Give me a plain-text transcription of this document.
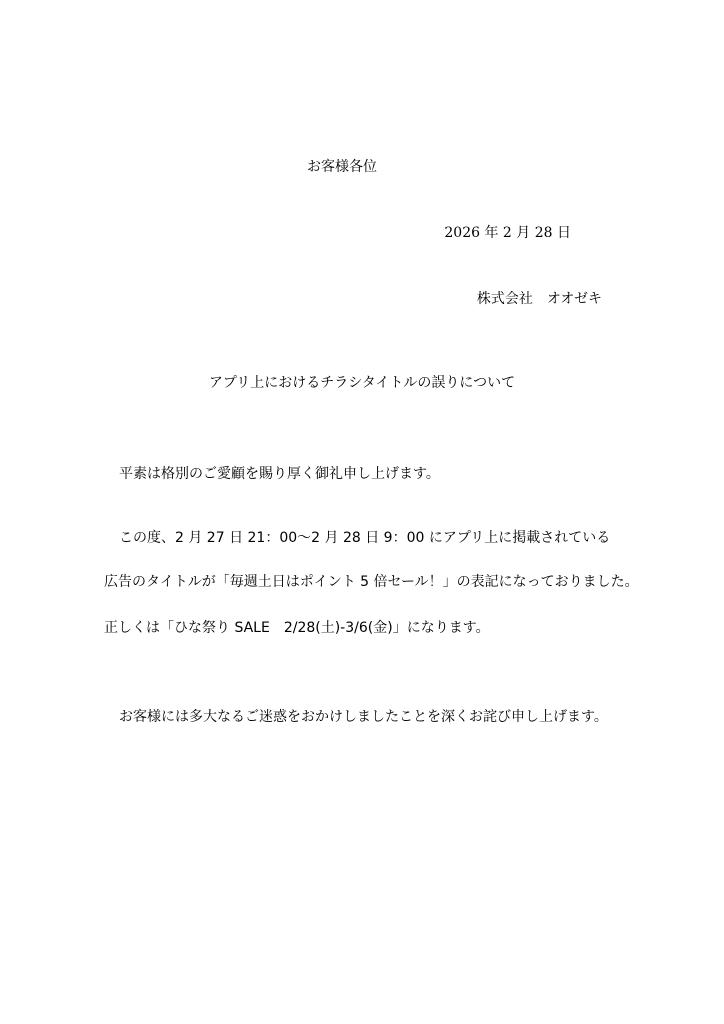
お客様各位
2026 年 2 月 28 日
株式会社　オオゼキ
アプリ上におけるチラシタイトルの誤りについて
平素は格別のご愛顧を賜り厚く御礼申し上げます。
この度、2 月 27 日 21：00～2 月 28 日 9：00 にアプリ上に掲載されている
広告のタイトルが「毎週土日はポイント 5 倍セール！」の表記になっておりました。
正しくは「ひな祭り SALE　2/28(土)-3/6(金)」になります。
お客様には多大なるご迷惑をおかけしましたことを深くお詫び申し上げます。
